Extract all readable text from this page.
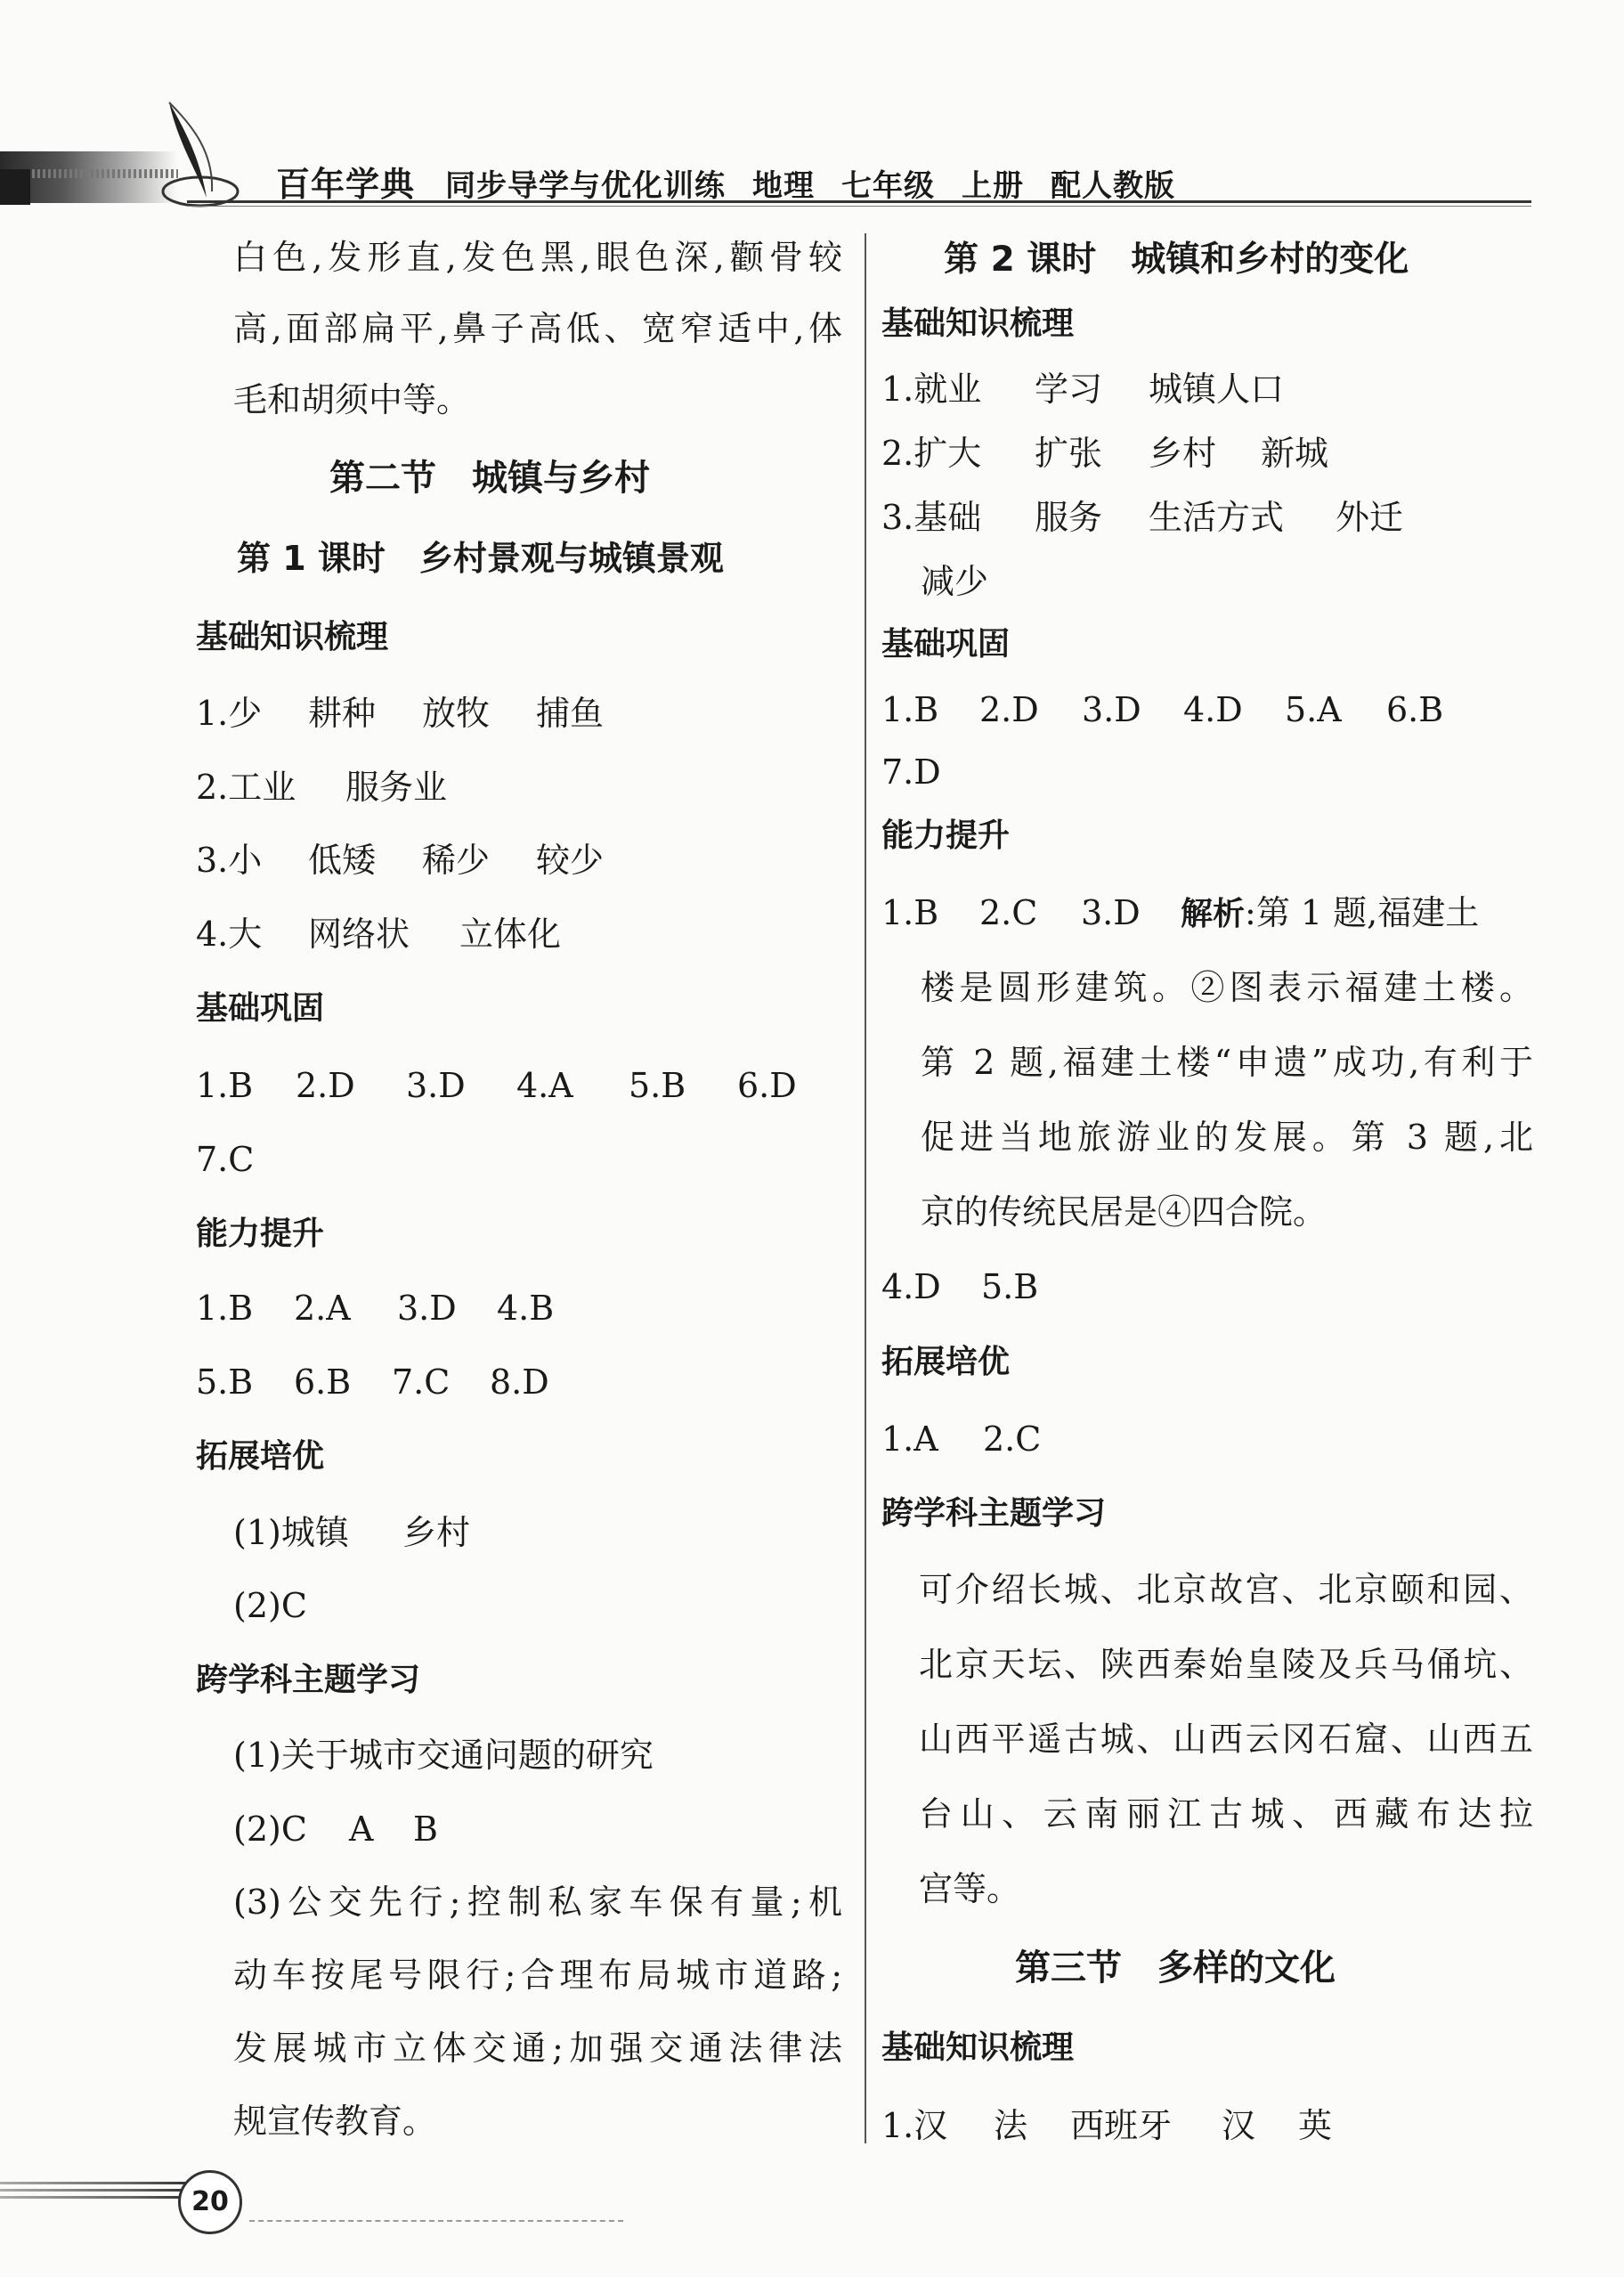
百年学典 同步导学与优化训练 地理 七年级 上册 配人教版
白色,发形直,发色黑,眼色深,颧骨较
高,面部扁平,鼻子高低、宽窄适中,体
毛和胡须中等。
第二节　城镇与乡村
第 1 课时　乡村景观与城镇景观
基础知识梳理
1.少 耕种 放牧 捕鱼
2.工业 服务业
3.小 低矮 稀少 较少
4.大 网络状 立体化
基础巩固
1.B 2.D 3.D 4.A 5.B 6.D
7.C
能力提升
1.B 2.A 3.D 4.B
5.B 6.B 7.C 8.D
拓展培优
(1)城镇 乡村
(2)C
跨学科主题学习
(1)关于城市交通问题的研究
(2)C A B
(3)公交先行;控制私家车保有量;机
动车按尾号限行;合理布局城市道路;
发展城市立体交通;加强交通法律法
规宣传教育。
第 2 课时　城镇和乡村的变化
基础知识梳理
1.就业 学习 城镇人口
2.扩大 扩张 乡村 新城
3.基础 服务 生活方式 外迁
减少
基础巩固
1.B 2.D 3.D 4.D 5.A 6.B
7.D
能力提升
1.B 2.C 3.D 解析:第 1 题,福建土
楼是圆形建筑。②图表示福建土楼。
第 2 题,福建土楼“申遗”成功,有利于
促进当地旅游业的发展。第 3 题,北
京的传统民居是④四合院。
4.D 5.B
拓展培优
1.A 2.C
跨学科主题学习
可介绍长城、北京故宫、北京颐和园、
北京天坛、陕西秦始皇陵及兵马俑坑、
山西平遥古城、山西云冈石窟、山西五
台山、云南丽江古城、西藏布达拉
宫等。
第三节　多样的文化
基础知识梳理
1.汉 法 西班牙 汉 英
20
